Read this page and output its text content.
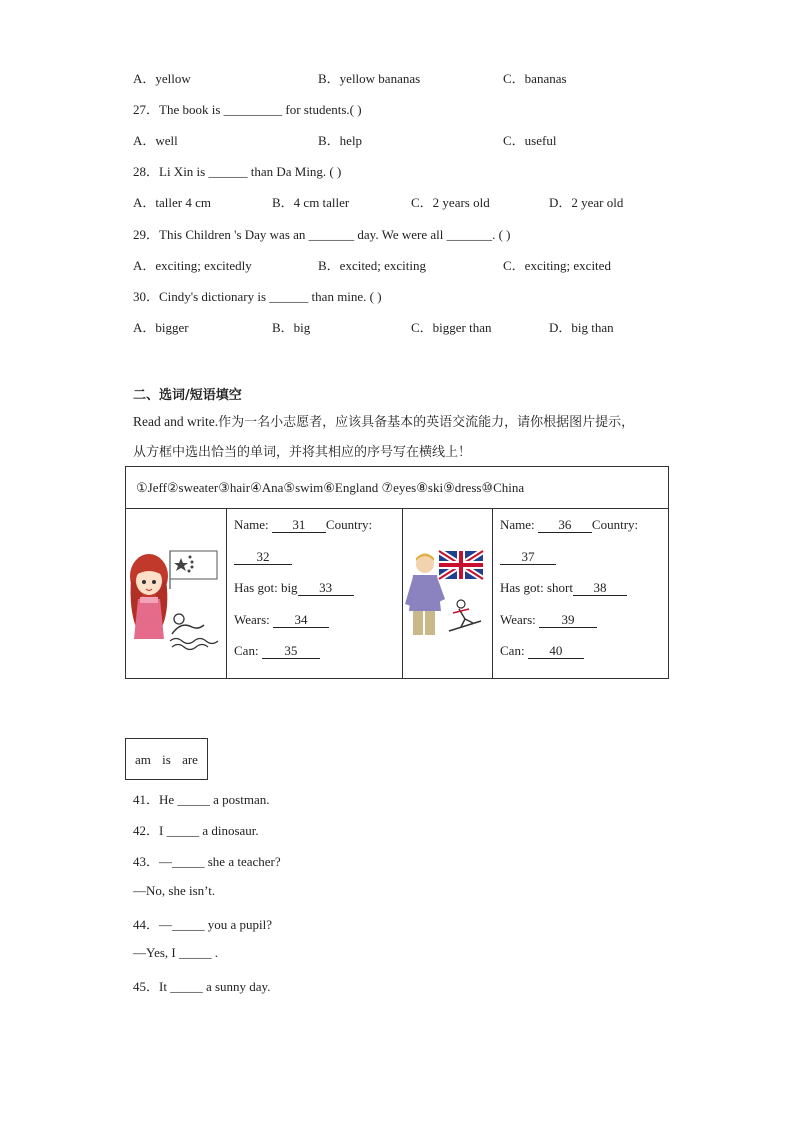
A．yellow	B．yellow bananas	C．bananas
27．The book is _________ for students.( )
A．well	B．help	C．useful
28．Li Xin is ______ than Da Ming. ( )
A．taller 4 cm	B．4 cm taller	C．2 years old	D．2 year old
29．This Children 's Day was an _______ day. We were all _______. ( )
A．exciting; excitedly	B．excited; exciting	C．exciting; excited
30．Cindy's dictionary is ______ than mine. ( )
A．bigger	B．big	C．bigger than	D．big than
二、选词/短语填空
Read and write.作为一名小志愿者，应该具备基本的英语交流能力，请你根据图片提示，
从方框中选出恰当的单词，并将其相应的序号写在横线上！
①Jeff②sweater③hair④Ana⑤swim⑥England ⑦eyes⑧ski⑨dress⑩China

Name: 31 Country:
32
Has got: big 33
Wears: 34
Can: 35

Name: 36 Country:
37
Has got: short 38
Wears: 39
Can: 40
am is are
41．He _____ a postman.
42．I _____ a dinosaur.
43．—_____ she a teacher?
—No, she isn’t.
44．—_____ you a pupil?
—Yes, I _____ .
45．It _____ a sunny day.
